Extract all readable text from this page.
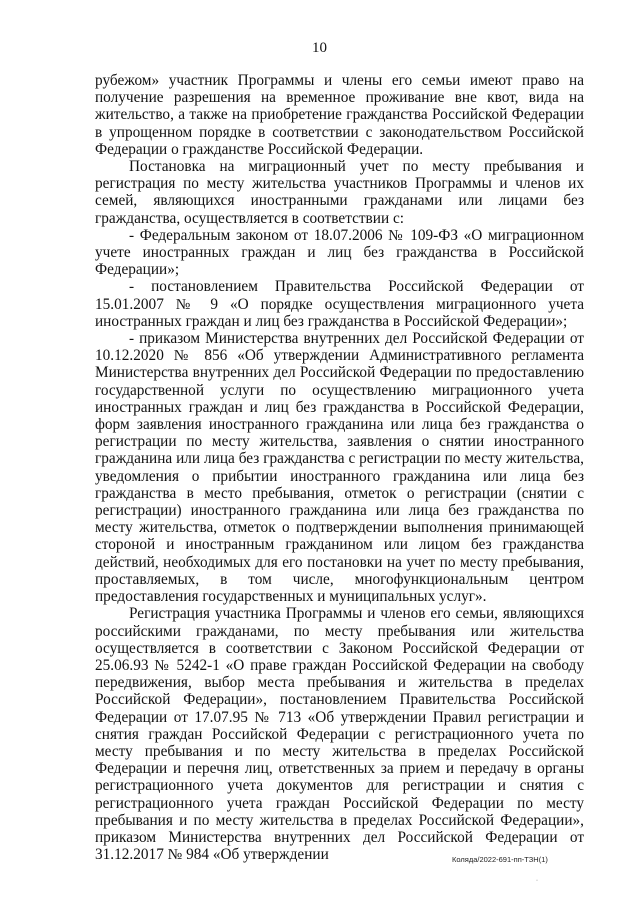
10

рубежом» участник Программы и члены его семьи имеют право на получение разрешения на временное проживание вне квот, вида на жительство, а также на приобретение гражданства Российской Федерации в упрощенном порядке в соответствии с законодательством Российской Федерации о гражданстве Российской Федерации.

Постановка на миграционный учет по месту пребывания и регистрация по месту жительства участников Программы и членов их семей, являющихся иностранными гражданами или лицами без гражданства, осуществляется в соответствии с:

- Федеральным законом от 18.07.2006 № 109-ФЗ «О миграционном учете иностранных граждан и лиц без гражданства в Российской Федерации»;

- постановлением Правительства Российской Федерации от 15.01.2007 № 9 «О порядке осуществления миграционного учета иностранных граждан и лиц без гражданства в Российской Федерации»;

- приказом Министерства внутренних дел Российской Федерации от 10.12.2020 № 856 «Об утверждении Административного регламента Министерства внутренних дел Российской Федерации по предоставлению государственной услуги по осуществлению миграционного учета иностранных граждан и лиц без гражданства в Российской Федерации, форм заявления иностранного гражданина или лица без гражданства о регистрации по месту жительства, заявления о снятии иностранного гражданина или лица без гражданства с регистрации по месту жительства, уведомления о прибытии иностранного гражданина или лица без гражданства в место пребывания, отметок о регистрации (снятии с регистрации) иностранного гражданина или лица без гражданства по месту жительства, отметок о подтверждении выполнения принимающей стороной и иностранным гражданином или лицом без гражданства действий, необходимых для его постановки на учет по месту пребывания, проставляемых, в том числе, многофункциональным центром предоставления государственных и муниципальных услуг».

Регистрация участника Программы и членов его семьи, являющихся российскими гражданами, по месту пребывания или жительства осуществляется в соответствии с Законом Российской Федерации от 25.06.93 № 5242-1 «О праве граждан Российской Федерации на свободу передвижения, выбор места пребывания и жительства в пределах Российской Федерации», постановлением Правительства Российской Федерации от 17.07.95 № 713 «Об утверждении Правил регистрации и снятия граждан Российской Федерации с регистрационного учета по месту пребывания и по месту жительства в пределах Российской Федерации и перечня лиц, ответственных за прием и передачу в органы регистрационного учета документов для регистрации и снятия с регистрационного учета граждан Российской Федерации по месту пребывания и по месту жительства в пределах Российской Федерации», приказом Министерства внутренних дел Российской Федерации от 31.12.2017 № 984 «Об утверждении	Коляда/2022-691-пп-ТЗН(1)
·
